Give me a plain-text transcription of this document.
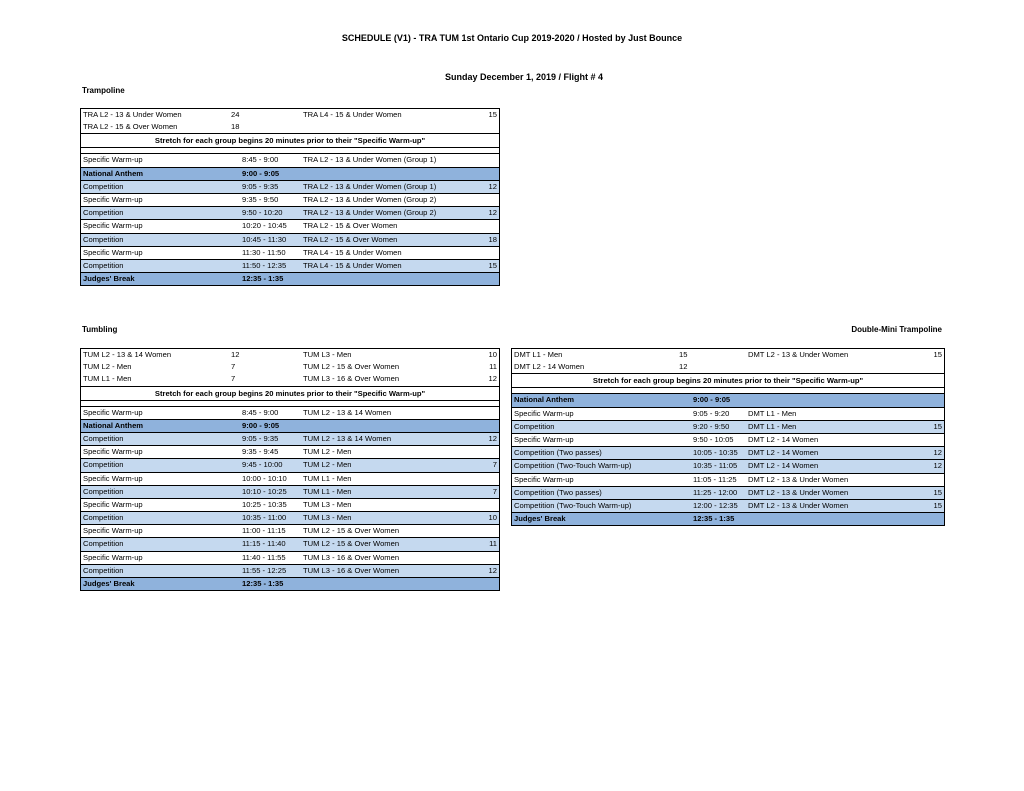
SCHEDULE (V1) - TRA TUM 1st Ontario Cup 2019-2020 / Hosted by Just Bounce
Sunday December 1, 2019 / Flight # 4
Trampoline
Tumbling	Double-Mini Trampoline
TRA L2 - 13 & Under Women	24	TRA L4 - 15 & Under Women	15
TRA L2 - 15 & Over Women	18
Stretch for each group begins 20 minutes prior to their "Specific Warm-up"
Specific Warm-up	8:45 - 9:00	TRA L2 - 13 & Under Women (Group 1)
National Anthem	9:00 - 9:05
Competition	9:05 - 9:35	TRA L2 - 13 & Under Women (Group 1)	12
Specific Warm-up	9:35 - 9:50	TRA L2 - 13 & Under Women (Group 2)
Competition	9:50 - 10:20	TRA L2 - 13 & Under Women (Group 2)	12
Specific Warm-up	10:20 - 10:45 TRA L2 - 15 & Over Women
Competition	10:45 - 11:30 TRA L2 - 15 & Over Women	18
Specific Warm-up	11:30 - 11:50 TRA L4 - 15 & Under Women
Competition	11:50 - 12:35 TRA L4 - 15 & Under Women	15
Judges' Break	12:35 - 1:35
TUM L2 - 13 & 14 Women	12	TUM L3 - Men	10
TUM L2 - Men	7	TUM L2 - 15 & Over Women	11
TUM L1 - Men	7	TUM L3 - 16 & Over Women	12
Stretch for each group begins 20 minutes prior to their "Specific Warm-up"
Specific Warm-up	8:45 - 9:00	TUM L2 - 13 & 14 Women
National Anthem	9:00 - 9:05
Competition	9:05 - 9:35	TUM L2 - 13 & 14 Women	12
Specific Warm-up	9:35 - 9:45	TUM L2 - Men
Competition	9:45 - 10:00	TUM L2 - Men	7
Specific Warm-up	10:00 - 10:10 TUM L1 - Men
Competition	10:10 - 10:25 TUM L1 - Men	7
Specific Warm-up	10:25 - 10:35 TUM L3 - Men
Competition	10:35 - 11:00 TUM L3 - Men	10
Specific Warm-up	11:00 - 11:15 TUM L2 - 15 & Over Women
Competition	11:15 - 11:40 TUM L2 - 15 & Over Women	11
Specific Warm-up	11:40 - 11:55 TUM L3 - 16 & Over Women
Competition	11:55 - 12:25 TUM L3 - 16 & Over Women	12
Judges' Break	12:35 - 1:35
DMT L1 - Men	15	DMT L2 - 13 & Under Women	15
DMT L2 - 14 Women	12
Stretch for each group begins 20 minutes prior to their "Specific Warm-up"
National Anthem	9:00 - 9:05
Specific Warm-up	9:05 - 9:20 DMT L1 - Men
Competition	9:20 - 9:50 DMT L1 - Men	15
Specific Warm-up	9:50 - 10:05 DMT L2 - 14 Women
Competition (Two passes)	10:05 - 10:35 DMT L2 - 14 Women	12
Competition (Two-Touch Warm-up)	10:35 - 11:05 DMT L2 - 14 Women	12
Specific Warm-up	11:05 - 11:25 DMT L2 - 13 & Under Women
Competition (Two passes)	11:25 - 12:00 DMT L2 - 13 & Under Women	15
Competition (Two-Touch Warm-up)	12:00 - 12:35 DMT L2 - 13 & Under Women	15
Judges' Break	12:35 - 1:35
